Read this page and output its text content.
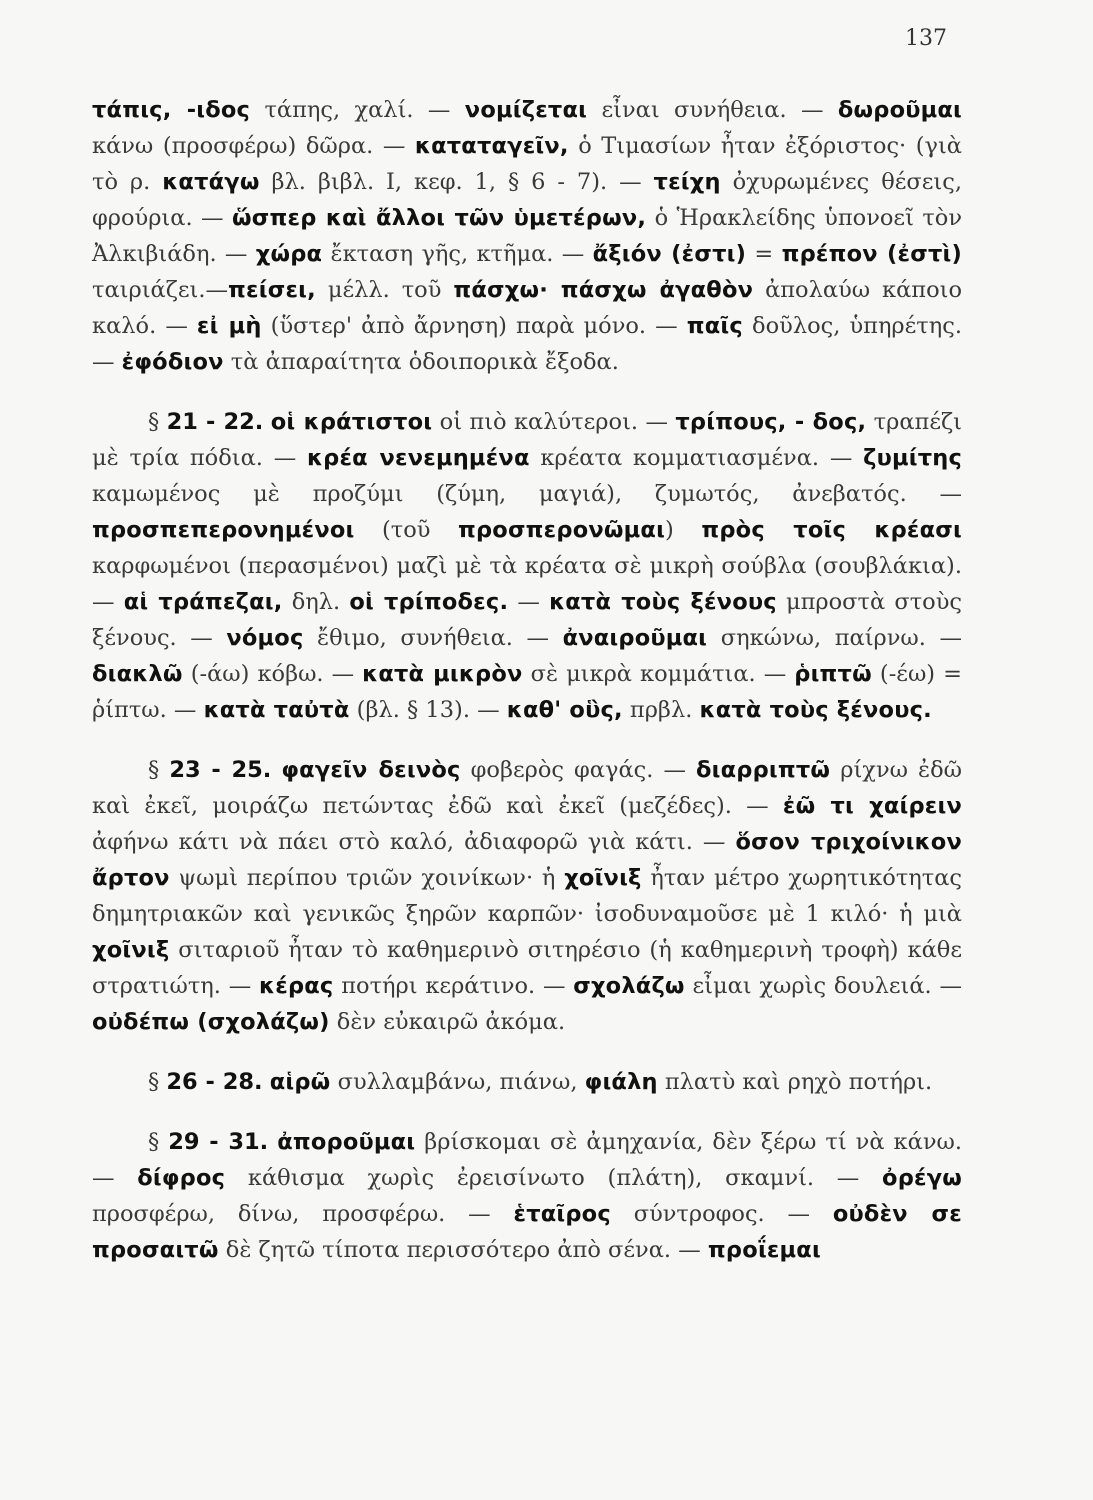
137

τάπις, -ιδος τάπης, χαλί. — νομίζεται εἶναι συνήθεια. — δωροῦμαι κάνω (προσφέρω) δῶρα. — καταταγεῖν, ὁ Τιμασίων ἦταν ἐξόριστος· (γιὰ τὸ ρ. κατάγω βλ. βιβλ. I, κεφ. 1, § 6 - 7). — τείχη ὀχυρωμένες θέσεις, φρούρια. — ὥσπερ καὶ ἄλλοι τῶν ὑμετέρων, ὁ Ἡρακλείδης ὑπονοεῖ τὸν Ἀλκιβιάδη. — χώρα ἔκταση γῆς, κτῆμα. — ἄξιόν (ἐστι) = πρέπον (ἐστὶ) ταιριάζει.—πείσει, μέλλ. τοῦ πάσχω· πάσχω ἀγαθὸν ἀπολαύω κάποιο καλό. — εἰ μὴ (ὕστερ' ἀπὸ ἄρνηση) παρὰ μόνο. — παῖς δοῦλος, ὑπηρέτης. — ἐφόδιον τὰ ἀπαραίτητα ὁδοιπορικὰ ἔξοδα.

§ 21 - 22. οἱ κράτιστοι οἱ πιὸ καλύτεροι. — τρίπους, - δος, τραπέζι μὲ τρία πόδια. — κρέα νενεμημένα κρέατα κομματιασμένα. — ζυμίτης καμωμένος μὲ προζύμι (ζύμη, μαγιά), ζυμωτός, ἀνεβατός. — προσπεπερονημένοι (τοῦ προσπερονῶμαι) πρὸς τοῖς κρέασι καρφωμένοι (περασμένοι) μαζὶ μὲ τὰ κρέατα σὲ μικρὴ σούβλα (σουβλάκια). — αἱ τράπεζαι, δηλ. οἱ τρίποδες. — κατὰ τοὺς ξένους μπροστὰ στοὺς ξένους. — νόμος ἔθιμο, συνήθεια. — ἀναιροῦμαι σηκώνω, παίρνω. — διακλῶ (-άω) κόβω. — κατὰ μικρὸν σὲ μικρὰ κομμάτια. — ῥιπτῶ (-έω) = ῥίπτω. — κατὰ ταὐτὰ (βλ. § 13). — καθ' οὓς, πρβλ. κατὰ τοὺς ξένους.

§ 23 - 25. φαγεῖν δεινὸς φοβερὸς φαγάς. — διαρριπτῶ ρίχνω ἐδῶ καὶ ἐκεῖ, μοιράζω πετώντας ἐδῶ καὶ ἐκεῖ (μεζέδες). — ἐῶ τι χαίρειν ἀφήνω κάτι νὰ πάει στὸ καλό, ἀδιαφορῶ γιὰ κάτι. — ὅσον τριχοίνικον ἄρτον ψωμὶ περίπου τριῶν χοινίκων· ἡ χοῖνιξ ἦταν μέτρο χωρητικότητας δημητριακῶν καὶ γενικῶς ξηρῶν καρπῶν· ἰσοδυναμοῦσε μὲ 1 κιλό· ἡ μιὰ χοῖνιξ σιταριοῦ ἦταν τὸ καθημερινὸ σιτηρέσιο (ἡ καθημερινὴ τροφὴ) κάθε στρατιώτη. — κέρας ποτήρι κεράτινο. — σχολάζω εἶμαι χωρὶς δουλειά. — οὐδέπω (σχολάζω) δὲν εὐκαιρῶ ἀκόμα.

§ 26 - 28. αἱρῶ συλλαμβάνω, πιάνω, φιάλη πλατὺ καὶ ρηχὸ ποτήρι.

§ 29 - 31. ἀποροῦμαι βρίσκομαι σὲ ἀμηχανία, δὲν ξέρω τί νὰ κάνω. — δίφρος κάθισμα χωρὶς ἐρεισίνωτο (πλάτη), σκαμνί. — ὀρέγω προσφέρω, δίνω, προσφέρω. — ἑταῖρος σύντροφος. — οὐδὲν σε προσαιτῶ δὲ ζητῶ τίποτα περισσότερο ἀπὸ σένα. — προΐεμαι
